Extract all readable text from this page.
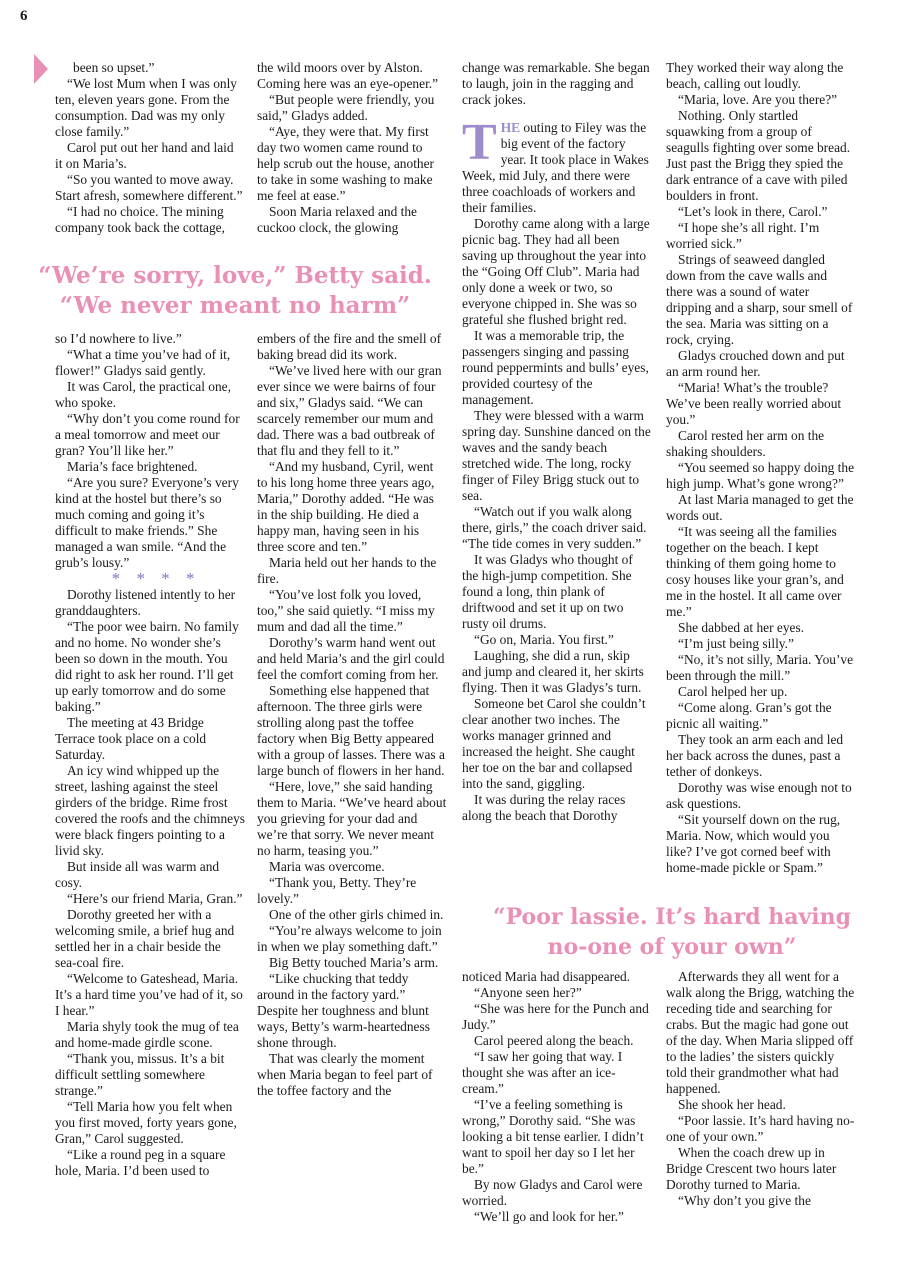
6

been so upset.”

“We lost Mum when I was only ten, eleven years gone. From the consumption. Dad was my only close family.”

Carol put out her hand and laid it on Maria’s.

“So you wanted to move away. Start afresh, somewhere different.”

“I had no choice. The mining company took back the cottage,

the wild moors over by Alston. Coming here was an eye-opener.”

“But people were friendly, you said,” Gladys added.

“Aye, they were that. My first day two women came round to help scrub out the house, another to take in some washing to make me feel at ease.”

Soon Maria relaxed and the cuckoo clock, the glowing

“We’re sorry, love,” Betty said.
“We never meant no harm”

so I’d nowhere to live.”

“What a time you’ve had of it, flower!” Gladys said gently.

It was Carol, the practical one, who spoke.

“Why don’t you come round for a meal tomorrow and meet our gran? You’ll like her.”

Maria’s face brightened.

“Are you sure? Everyone’s very kind at the hostel but there’s so much coming and going it’s difficult to make friends.” She managed a wan smile. “And the grub’s lousy.”

* * * *

Dorothy listened intently to her granddaughters.

“The poor wee bairn. No family and no home. No wonder she’s been so down in the mouth. You did right to ask her round. I’ll get up early tomorrow and do some baking.”

The meeting at 43 Bridge Terrace took place on a cold Saturday.

An icy wind whipped up the street, lashing against the steel girders of the bridge. Rime frost covered the roofs and the chimneys were black fingers pointing to a livid sky.

But inside all was warm and cosy.

“Here’s our friend Maria, Gran.”

Dorothy greeted her with a welcoming smile, a brief hug and settled her in a chair beside the sea-coal fire.

“Welcome to Gateshead, Maria. It’s a hard time you’ve had of it, so I hear.”

Maria shyly took the mug of tea and home-made girdle scone.

“Thank you, missus. It’s a bit difficult settling somewhere strange.”

“Tell Maria how you felt when you first moved, forty years gone, Gran,” Carol suggested.

“Like a round peg in a square hole, Maria. I’d been used to

embers of the fire and the smell of baking bread did its work.

“We’ve lived here with our gran ever since we were bairns of four and six,” Gladys said. “We can scarcely remember our mum and dad. There was a bad outbreak of that flu and they fell to it.”

“And my husband, Cyril, went to his long home three years ago, Maria,” Dorothy added. “He was in the ship building. He died a happy man, having seen in his three score and ten.”

Maria held out her hands to the fire.

“You’ve lost folk you loved, too,” she said quietly. “I miss my mum and dad all the time.”

Dorothy’s warm hand went out and held Maria’s and the girl could feel the comfort coming from her.

Something else happened that afternoon. The three girls were strolling along past the toffee factory when Big Betty appeared with a group of lasses. There was a large bunch of flowers in her hand.

“Here, love,” she said handing them to Maria. “We’ve heard about you grieving for your dad and we’re that sorry. We never meant no harm, teasing you.”

Maria was overcome.

“Thank you, Betty. They’re lovely.”

One of the other girls chimed in.

“You’re always welcome to join in when we play something daft.”

Big Betty touched Maria’s arm.

“Like chucking that teddy around in the factory yard.” Despite her toughness and blunt ways, Betty’s warm-heartedness shone through.

That was clearly the moment when Maria began to feel part of the toffee factory and the

change was remarkable. She began to laugh, join in the ragging and crack jokes.

THE outing to Filey was the big event of the factory year. It took place in Wakes Week, mid July, and there were three coachloads of workers and their families.

Dorothy came along with a large picnic bag. They had all been saving up throughout the year into the “Going Off Club”. Maria had only done a week or two, so everyone chipped in. She was so grateful she flushed bright red.

It was a memorable trip, the passengers singing and passing round peppermints and bulls’ eyes, provided courtesy of the management.

They were blessed with a warm spring day. Sunshine danced on the waves and the sandy beach stretched wide. The long, rocky finger of Filey Brigg stuck out to sea.

“Watch out if you walk along there, girls,” the coach driver said. “The tide comes in very sudden.”

It was Gladys who thought of the high-jump competition. She found a long, thin plank of driftwood and set it up on two rusty oil drums.

“Go on, Maria. You first.”

Laughing, she did a run, skip and jump and cleared it, her skirts flying. Then it was Gladys’s turn.

Someone bet Carol she couldn’t clear another two inches. The works manager grinned and increased the height. She caught her toe on the bar and collapsed into the sand, giggling.

It was during the relay races along the beach that Dorothy

They worked their way along the beach, calling out loudly.

“Maria, love. Are you there?”

Nothing. Only startled squawking from a group of seagulls fighting over some bread. Just past the Brigg they spied the dark entrance of a cave with piled boulders in front.

“Let’s look in there, Carol.”

“I hope she’s all right. I’m worried sick.”

Strings of seaweed dangled down from the cave walls and there was a sound of water dripping and a sharp, sour smell of the sea. Maria was sitting on a rock, crying.

Gladys crouched down and put an arm round her.

“Maria! What’s the trouble? We’ve been really worried about you.”

Carol rested her arm on the shaking shoulders.

“You seemed so happy doing the high jump. What’s gone wrong?”

At last Maria managed to get the words out.

“It was seeing all the families together on the beach. I kept thinking of them going home to cosy houses like your gran’s, and me in the hostel. It all came over me.”

She dabbed at her eyes.

“I’m just being silly.”

“No, it’s not silly, Maria. You’ve been through the mill.”

Carol helped her up.

“Come along. Gran’s got the picnic all waiting.”

They took an arm each and led her back across the dunes, past a tether of donkeys.

Dorothy was wise enough not to ask questions.

“Sit yourself down on the rug, Maria. Now, which would you like? I’ve got corned beef with home-made pickle or Spam.”

“Poor lassie. It’s hard having
no-one of your own”

noticed Maria had disappeared.

“Anyone seen her?”

“She was here for the Punch and Judy.”

Carol peered along the beach.

“I saw her going that way. I thought she was after an ice-cream.”

“I’ve a feeling something is wrong,” Dorothy said. “She was looking a bit tense earlier. I didn’t want to spoil her day so I let her be.”

By now Gladys and Carol were worried.

“We’ll go and look for her.”

Afterwards they all went for a walk along the Brigg, watching the receding tide and searching for crabs. But the magic had gone out of the day. When Maria slipped off to the ladies’ the sisters quickly told their grandmother what had happened.

She shook her head.

“Poor lassie. It’s hard having no-one of your own.”

When the coach drew up in Bridge Crescent two hours later Dorothy turned to Maria.

“Why don’t you give the
